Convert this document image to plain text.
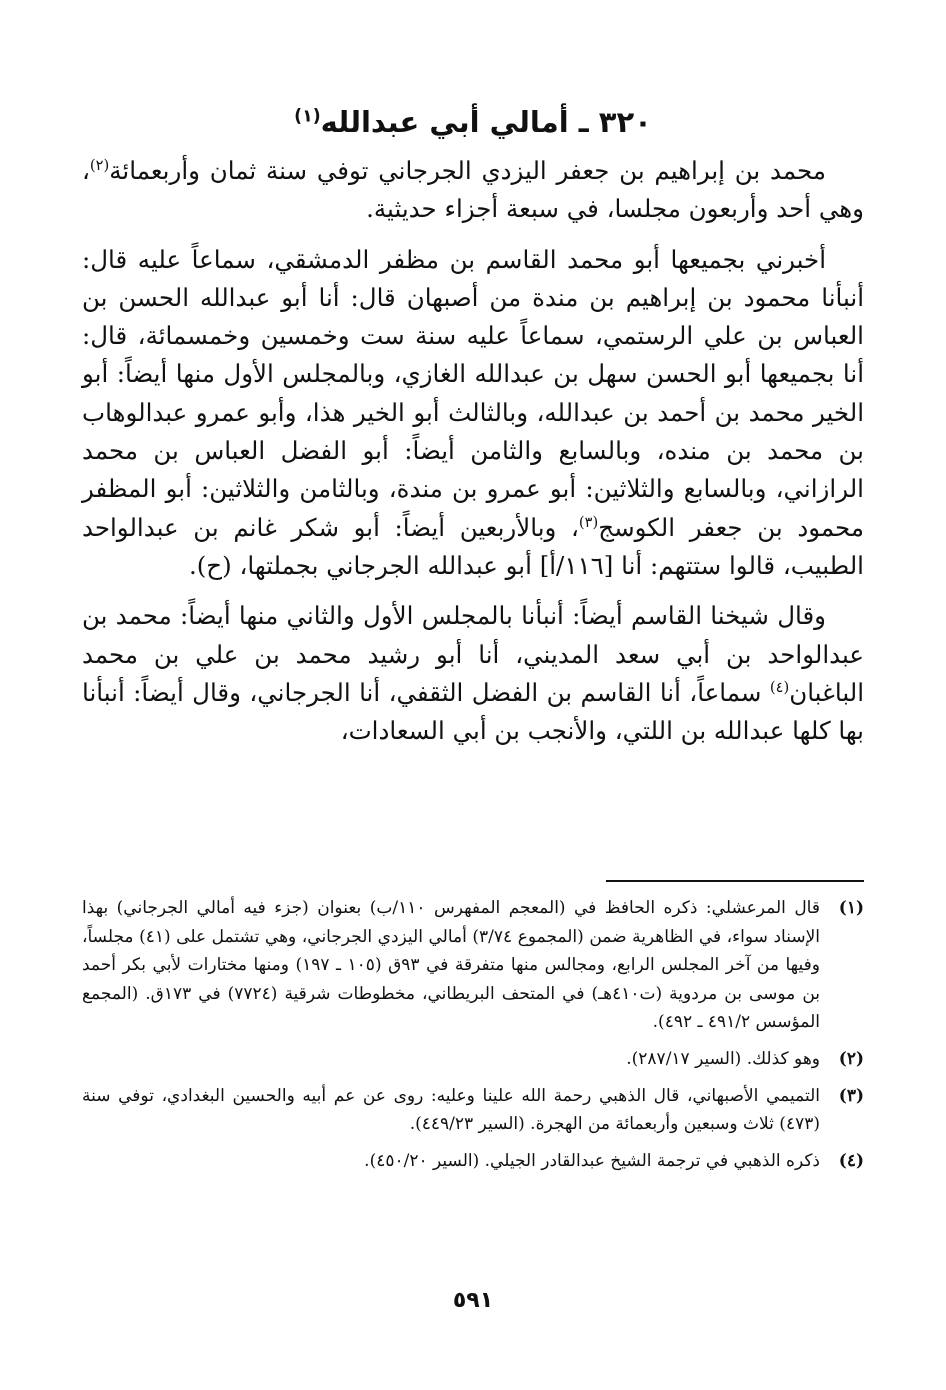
٣٢٠ ـ أمالي أبي عبدالله$^{(١)}$

محمد بن إبراهيم بن جعفر اليزدي الجرجاني توفي سنة ثمان وأربعمائة$^{(٢)}$، وهي أحد وأربعون مجلسا، في سبعة أجزاء حديثية.

أخبرني بجميعها أبو محمد القاسم بن مظفر الدمشقي، سماعاً عليه قال: أنبأنا محمود بن إبراهيم بن مندة من أصبهان قال: أنا أبو عبدالله الحسن بن العباس بن علي الرستمي، سماعاً عليه سنة ست وخمسين وخمسمائة، قال: أنا بجميعها أبو الحسن سهل بن عبدالله الغازي، وبالمجلس الأول منها أيضاً: أبو الخير محمد بن أحمد بن عبدالله، وبالثالث أبو الخير هذا، وأبو عمرو عبدالوهاب بن محمد بن منده، وبالسابع والثامن أيضاً: أبو الفضل العباس بن محمد الرازاني، وبالسابع والثلاثين: أبو عمرو بن مندة، وبالثامن والثلاثين: أبو المظفر محمود بن جعفر الكوسج$^{(٣)}$، وبالأربعين أيضاً: أبو شكر غانم بن عبدالواحد الطبيب، قالوا ستتهم: أنا [١١٦/أ] أبو عبدالله الجرجاني بجملتها، (ح).

وقال شيخنا القاسم أيضاً: أنبأنا بالمجلس الأول والثاني منها أيضاً: محمد بن عبدالواحد بن أبي سعد المديني، أنا أبو رشيد محمد بن علي بن محمد الباغبان$^{(٤)}$ سماعاً، أنا القاسم بن الفضل الثقفي، أنا الجرجاني، وقال أيضاً: أنبأنا بها كلها عبدالله بن اللتي، والأنجب بن أبي السعادات،

(١)
قال المرعشلي: ذكره الحافظ في (المعجم المفهرس ١١٠/ب) بعنوان (جزء فيه أمالي الجرجاني) بهذا الإسناد سواء، في الظاهرية ضمن (المجموع ٣/٧٤) أمالي اليزدي الجرجاني، وهي تشتمل على (٤١) مجلساً، وفيها من آخر المجلس الرابع، ومجالس منها متفرقة في ٩٣ق (١٠٥ ـ ١٩٧) ومنها مختارات لأبي بكر أحمد بن موسى بن مردوية (ت٤١٠هـ) في المتحف البريطاني، مخطوطات شرقية (٧٧٢٤) في ١٧٣ق. (المجمع المؤسس ٤٩١/٢ ـ ٤٩٢).
(٢)
وهو كذلك. (السير ٢٨٧/١٧).
(٣)
التميمي الأصبهاني، قال الذهبي رحمة الله علينا وعليه: روى عن عم أبيه والحسين البغدادي، توفي سنة (٤٧٣) ثلاث وسبعين وأربعمائة من الهجرة. (السير ٤٤٩/٢٣).
(٤)
ذكره الذهبي في ترجمة الشيخ عبدالقادر الجيلي. (السير ٤٥٠/٢٠).
٥٩١
